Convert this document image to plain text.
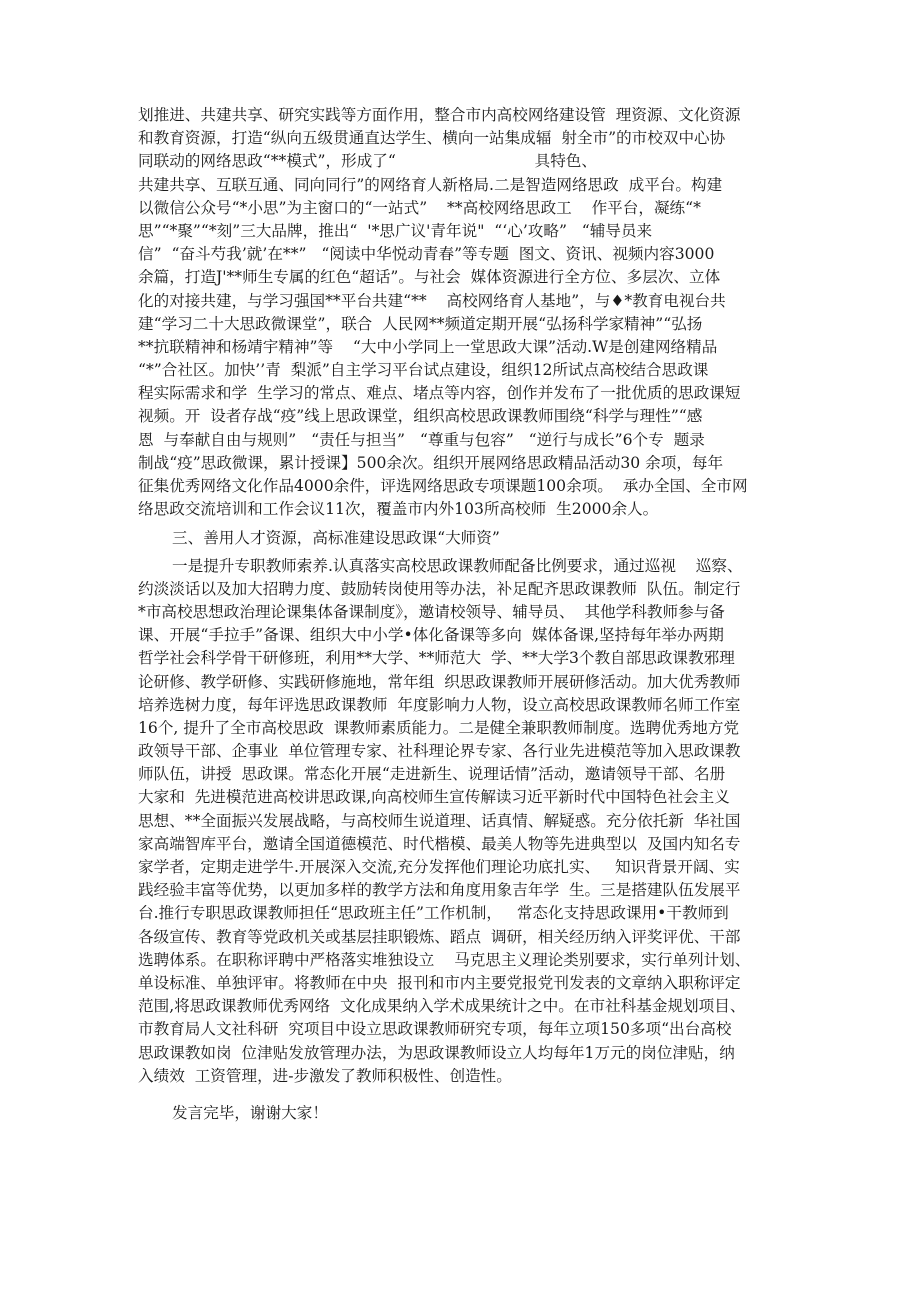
划推进、共建共享、研究实践等方面作用，整合市内高校网络建设管  理资源、文化资源
和教育资源，打造“纵向五级贯通直达学生、横向一站集成辐  射全市”的市校双中心协
同联动的网络思政“**模式”，形成了“                            具特色、
共建共享、互联互通、同向同行”的网络育人新格局.二是智造网络思政  成平台。构建
以微信公众号“*小思”为主窗口的“一站式”    **高校网络思政工    作平台，凝练“*
思”“*聚”“*刻”三大品牌，推出“  '*思广议'青年说"  “‘心’攻略”   “辅导员来
信”  “奋斗芍我’就’在**”   “阅读中华悦动青春”等专题  图文、资讯、视频内容3000
余篇，打造J'**师生专属的红色“超话”。与社会  媒体资源进行全方位、多层次、立体
化的对接共建，与学习强国**平台共建“**    高校网络育人基地”，与♦*教育电视台共
建“学习二十大思政微课堂”，联合  人民网**频道定期开展“弘扬科学家精神”“弘扬
**抗联精神和杨靖宇精神”等    “大中小学同上一堂思政大课”活动.W是创建网络精品
“*”合社区。加快’’青  梨派”自主学习平台试点建设，组织12所试点高校结合思政课
程实际需求和学  生学习的常点、难点、堵点等内容，创作并发布了一批优质的思政课短
视频。开  设者存战“疫”线上思政课堂，组织高校思政课教师围绕“科学与理性”“感
恩  与奉献自由与规则”   “责任与担当”   “尊重与包容”   “逆行与成长”6个专  题录
制战“疫”思政微课，累计授课】500余次。组织开展网络思政精品活动30 余项，每年
征集优秀网络文化作品4000余件，评选网络思政专项课题100余项。  承办全国、全市网
络思政交流培训和工作会议11次，覆盖市内外103所高校师  生2000余人。
三、善用人才资源，高标准建设思政课“大师资”
一是提升专职教师索养.认真落实高校思政课教师配备比例要求，通过巡视    巡察、
约淡淡话以及加大招聘力度、鼓励转岗使用等办法，补足配齐思政课教师  队伍。制定行
*市高校思想政治理论课集体备课制度》，邀请校领导、辅导员、  其他学科教师参与备
课、开展“手拉手”备课、组织大中小学•体化备课等多向  媒体备课,坚持每年举办两期
哲学社会科学骨干研修班，利用**大学、**师范大  学、**大学3个教自部思政课教邪理
论研修、教学研修、实践研修施地，常年组  织思政课教师开展研修活动。加大优秀教师
培养选树力度，每年评选思政课教师  年度影响力人物，设立高校思政课教师名师工作室
16个, 提升了全市高校思政  课教师素质能力。二是健全兼职教师制度。选聘优秀地方党
政领导干部、企事业  单位管理专家、社科理论界专家、各行业先进模范等加入思政课教
师队伍，讲授  思政课。常态化开展“走进新生、说理话情”活动，邀请领导干部、名册
大家和  先进模范进高校讲思政课,向高校师生宣传解读习近平新时代中国特色社会主义
思想、**全面振兴发展战略，与高校师生说道理、话真情、解疑惑。充分依托新  华社国
家高端智库平台，邀请全国道德模范、时代楷模、最美人物等先进典型以  及国内知名专
家学者，定期走进学牛.开展深入交流,充分发挥他们理论功底扎实、   知识背景开阔、实
践经验丰富等优势，以更加多样的教学方法和角度用象吉年学  生。三是搭建队伍发展平
台.推行专职思政课教师担任“思政班主任”工作机制，   常态化支持思政课用•干教师到
各级宣传、教育等党政机关或基层挂职锻炼、蹈点  调研，相关经历纳入评奖评优、干部
选聘体系。在职称评聘中严格落实堆独设立    马克思主义理论类别要求，实行单列计划、
单设标准、单独评审。将教师在中央  报刊和市内主要党报党刊发表的文章纳入职称评定
范围,将思政课教师优秀网络  文化成果纳入学术成果统计之中。在市社科基金规划项目、
市教育局人文社科研  究项目中设立思政课教师研究专项，每年立项150多项“出台高校
思政课教如岗  位津贴发放管理办法，为思政课教师设立人均每年1万元的岗位津贴，纳
入绩效  工资管理，进-步激发了教师积极性、创造性。
发言完毕，谢谢大家！
